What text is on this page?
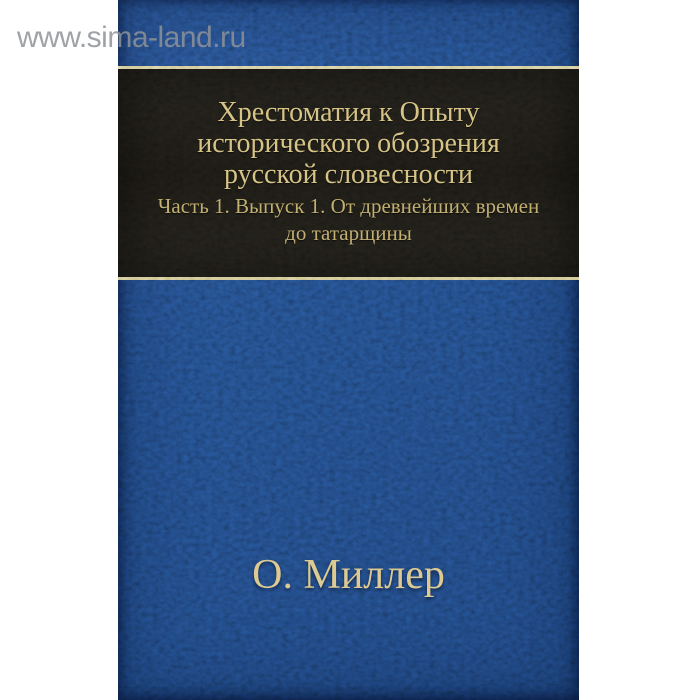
Хрестоматия к Опыту
исторического обозрения
русской словесности
Часть 1. Выпуск 1. От древнейших времен
до татарщины
О. Миллер
www.sima-land.ru
